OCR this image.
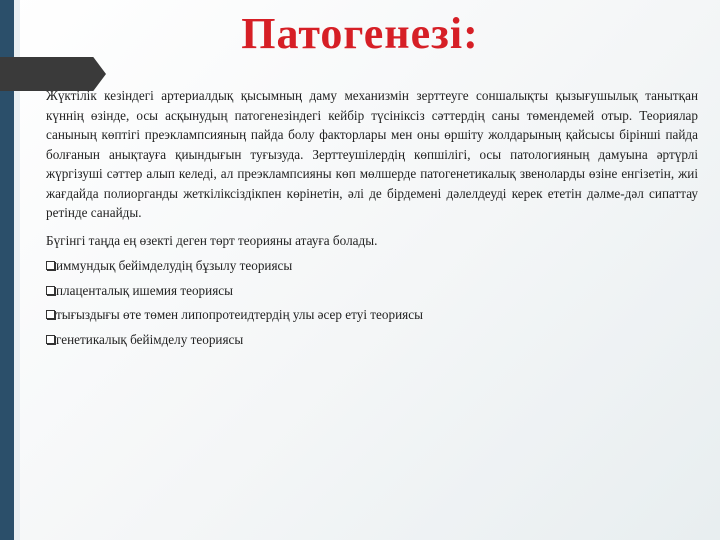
Патогенезі:

Жүктілік кезіндегі артериалдық қысымның даму механизмін зерттеуге соншалықты қызығушылық танытқан күннің өзінде, осы асқынудың патогенезіндегі кейбір түсініксіз сәттердің саны төмендемей отыр. Теориялар санының көптігі преэклампсияның пайда болу факторлары мен оны өршіту жолдарының қайсысы бірінші пайда болғанын анықтауға қиындығын туғызуда. Зерттеушілердің көпшілігі, осы патологияның дамуына әртүрлі жүргізуші сәттер алып келеді, ал преэклампсияны көп мөлшерде патогенетикалық звеноларды өзіне енгізетін, жиі жағдайда полиорганды жеткіліксіздікпен көрінетін, әлі де бірдемені дәлелдеуді керек ететін дәлме-дәл сипаттау ретінде санайды.

Бүгінгі таңда ең өзекті деген төрт теорияны атауға болады.

иммундық бейімделудің бұзылу теориясы
плаценталық ишемия теориясы
тығыздығы өте төмен липопротеидтердің улы әсер етуі теориясы
генетикалық бейімделу теориясы
